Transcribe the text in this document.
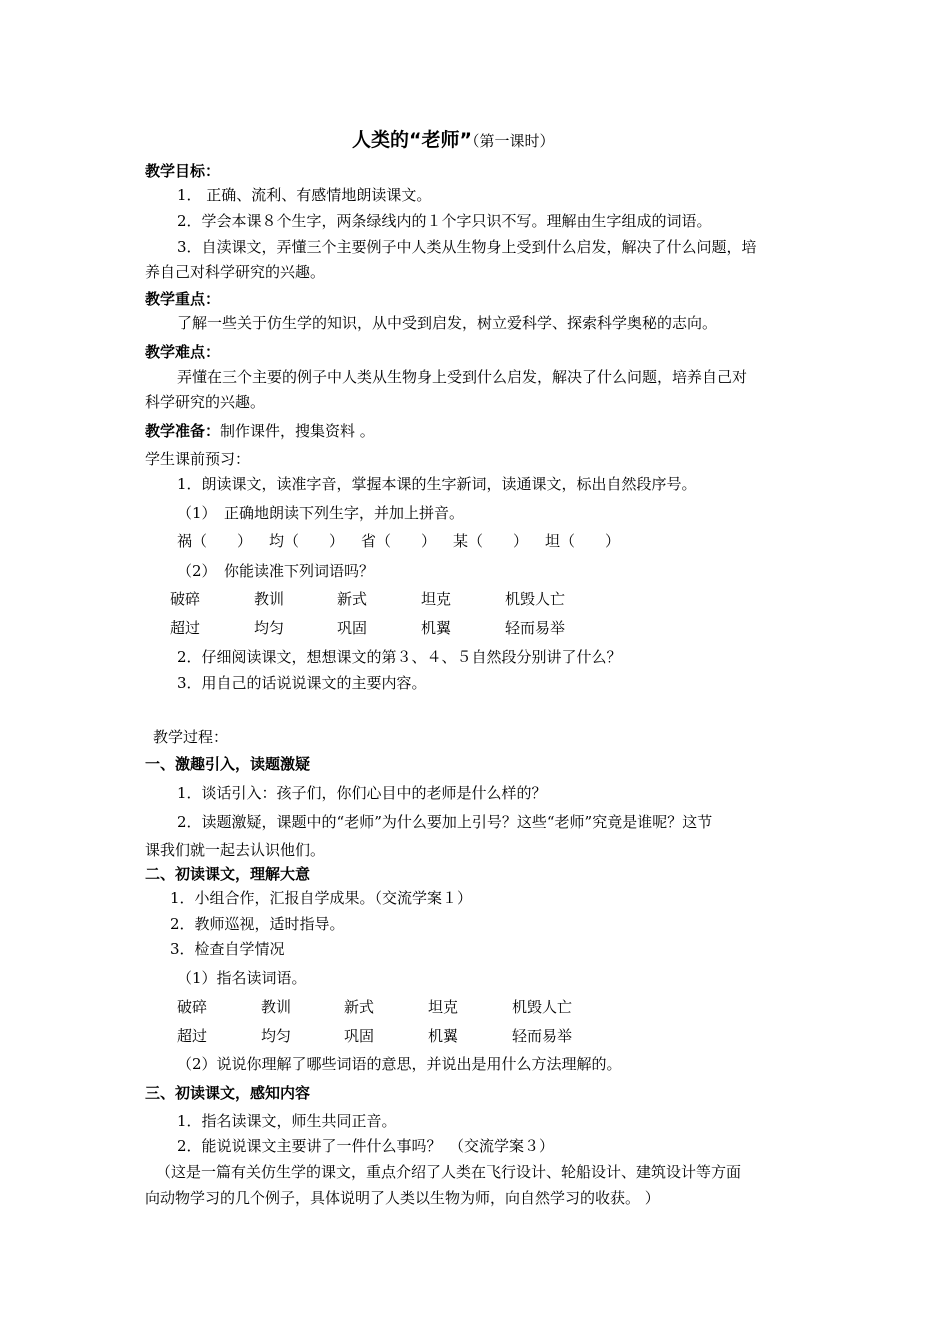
人类的“老师”（第一课时）
教学目标：
1． 正确、流利、有感情地朗读课文。
2．学会本课８个生字，两条绿线内的１个字只识不写。理解由生字组成的词语。
3．自渎课文，弄懂三个主要例子中人类从生物身上受到什么启发，解决了什么问题，培
养自己对科学研究的兴趣。
教学重点：
了解一些关于仿生学的知识，从中受到启发，树立爱科学、探索科学奥秘的志向。
教学难点：
弄懂在三个主要的例子中人类从生物身上受到什么启发，解决了什么问题，培养自己对
科学研究的兴趣。
教学准备：制作课件，搜集资料 。
学生课前预习：
1．朗读课文，读准字音，掌握本课的生字新词，读通课文，标出自然段序号。
（1）　正确地朗读下列生字，并加上拼音。
祸（　　） 均（　　） 省（　　） 某（　　） 坦（　　）
（2）　你能读准下列词语吗？
破碎	教训	新式	坦克	机毁人亡
超过	均匀	巩固	机翼	轻而易举
2．仔细阅读课文，想想课文的第３、４、５自然段分别讲了什么？
3．用自己的话说说课文的主要内容。
教学过程：
一、激趣引入，读题激疑
1．谈话引入：孩子们，你们心目中的老师是什么样的？
2．读题激疑，课题中的“老师”为什么要加上引号？这些“老师”究竟是谁呢？这节
课我们就一起去认识他们。
二、初读课文，理解大意
1．小组合作，汇报自学成果。（交流学案１）
2．教师巡视，适时指导。
3．检查自学情况
（1）指名读词语。
破碎	教训	新式	坦克	机毁人亡
超过	均匀	巩固	机翼	轻而易举
（2）说说你理解了哪些词语的意思，并说出是用什么方法理解的。
三、初读课文，感知内容
1．指名读课文，师生共同正音。
2．能说说课文主要讲了一件什么事吗？　（交流学案３）
（这是一篇有关仿生学的课文，重点介绍了人类在飞行设计、轮船设计、建筑设计等方面
向动物学习的几个例子，具体说明了人类以生物为师，向自然学习的收获。 ）
